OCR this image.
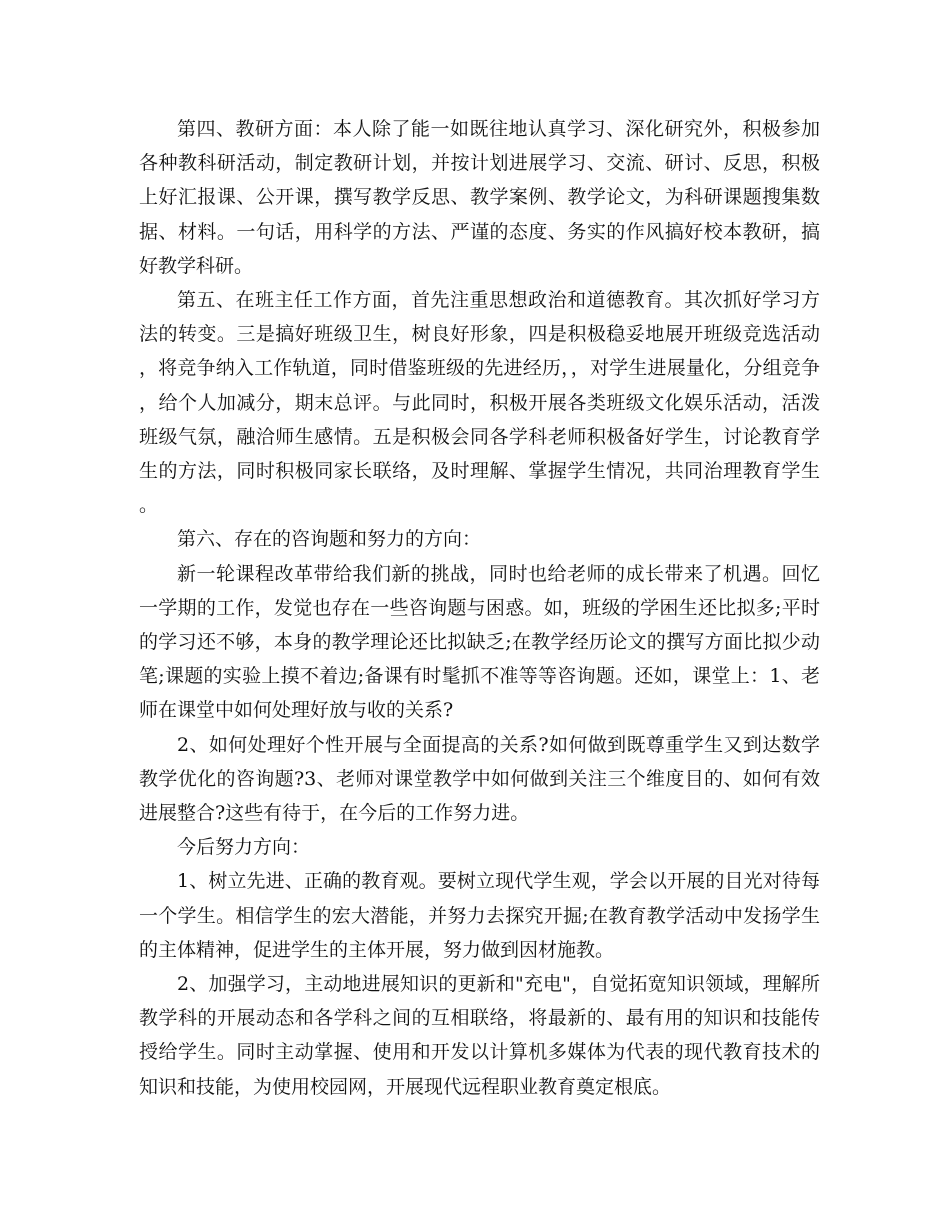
第四、教研方面：本人除了能一如既往地认真学习、深化研究外，积极参加各种教科研活动，制定教研计划，并按计划进展学习、交流、研讨、反思，积极上好汇报课、公开课，撰写教学反思、教学案例、教学论文，为科研课题搜集数据、材料。一句话，用科学的方法、严谨的态度、务实的作风搞好校本教研，搞好教学科研。

第五、在班主任工作方面，首先注重思想政治和道德教育。其次抓好学习方法的转变。三是搞好班级卫生，树良好形象，四是积极稳妥地展开班级竞选活动，将竞争纳入工作轨道，同时借鉴班级的先进经历，，对学生进展量化，分组竞争，给个人加减分，期末总评。与此同时，积极开展各类班级文化娱乐活动，活泼班级气氛，融洽师生感情。五是积极会同各学科老师积极备好学生，讨论教育学生的方法，同时积极同家长联络，及时理解、掌握学生情况，共同治理教育学生。

第六、存在的咨询题和努力的方向：

新一轮课程改革带给我们新的挑战，同时也给老师的成长带来了机遇。回忆一学期的工作，发觉也存在一些咨询题与困惑。如，班级的学困生还比拟多;平时的学习还不够，本身的教学理论还比拟缺乏;在教学经历论文的撰写方面比拟少动笔;课题的实验上摸不着边;备课有时髦抓不准等等咨询题。还如，课堂上：1、老师在课堂中如何处理好放与收的关系?

2、如何处理好个性开展与全面提高的关系?如何做到既尊重学生又到达数学教学优化的咨询题?3、老师对课堂教学中如何做到关注三个维度目的、如何有效进展整合?这些有待于，在今后的工作努力进。

今后努力方向：

1、树立先进、正确的教育观。要树立现代学生观，学会以开展的目光对待每一个学生。相信学生的宏大潜能，并努力去探究开掘;在教育教学活动中发扬学生的主体精神，促进学生的主体开展，努力做到因材施教。

2、加强学习，主动地进展知识的更新和"充电"，自觉拓宽知识领域，理解所教学科的开展动态和各学科之间的互相联络，将最新的、最有用的知识和技能传授给学生。同时主动掌握、使用和开发以计算机多媒体为代表的现代教育技术的知识和技能，为使用校园网，开展现代远程职业教育奠定根底。
